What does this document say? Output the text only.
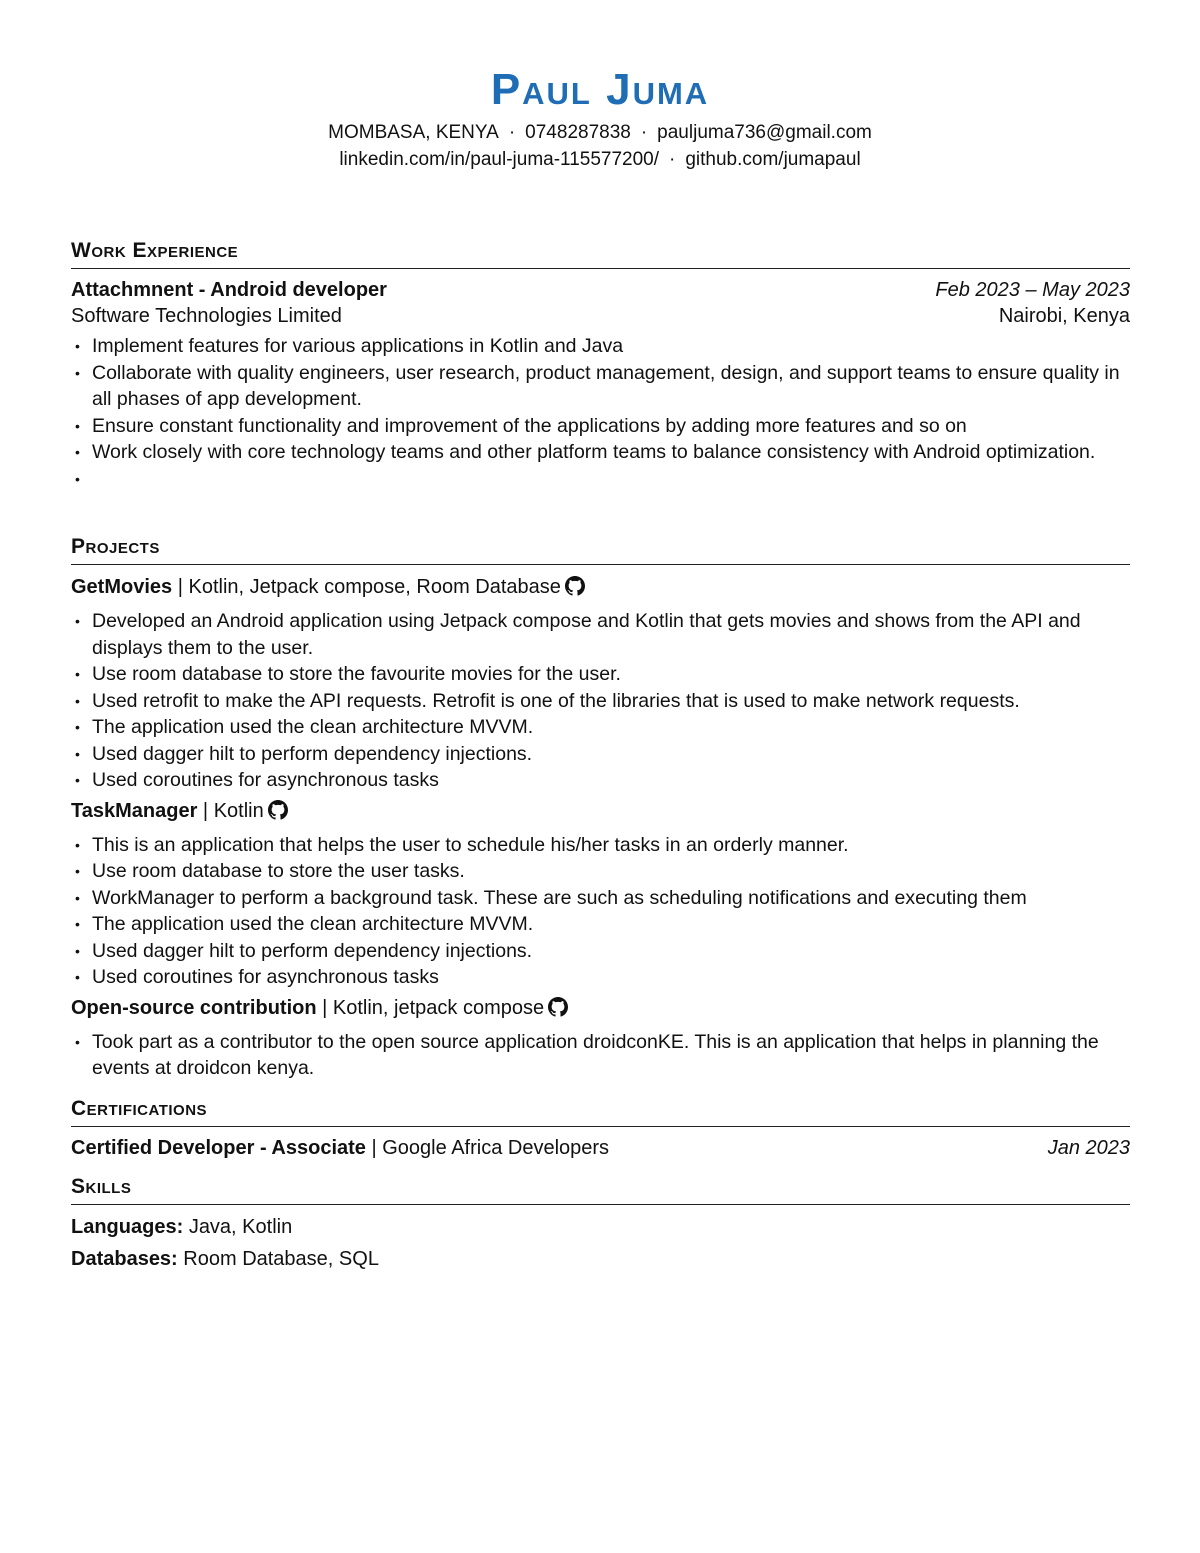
Paul Juma
MOMBASA, KENYA · 0748287838 · pauljuma736@gmail.com
linkedin.com/in/paul-juma-115577200/ · github.com/jumapaul
Work Experience
Attachmnent - Android developer	Feb 2023 – May 2023
Software Technologies Limited	Nairobi, Kenya
• Implement features for various applications in Kotlin and Java
• Collaborate with quality engineers, user research, product management, design, and support teams to ensure quality in all phases of app development.
• Ensure constant functionality and improvement of the applications by adding more features and so on
• Work closely with core technology teams and other platform teams to balance consistency with Android optimization.
Projects
GetMovies | Kotlin, Jetpack compose, Room Database
• Developed an Android application using Jetpack compose and Kotlin that gets movies and shows from the API and displays them to the user.
• Use room database to store the favourite movies for the user.
• Used retrofit to make the API requests. Retrofit is one of the libraries that is used to make network requests.
• The application used the clean architecture MVVM.
• Used dagger hilt to perform dependency injections.
• Used coroutines for asynchronous tasks
TaskManager | Kotlin
• This is an application that helps the user to schedule his/her tasks in an orderly manner.
• Use room database to store the user tasks.
• WorkManager to perform a background task. These are such as scheduling notifications and executing them
• The application used the clean architecture MVVM.
• Used dagger hilt to perform dependency injections.
• Used coroutines for asynchronous tasks
Open-source contribution | Kotlin, jetpack compose
• Took part as a contributor to the open source application droidconKE. This is an application that helps in planning the events at droidcon kenya.
Certifications
Certified Developer - Associate | Google Africa Developers	Jan 2023
Skills
Languages: Java, Kotlin
Databases: Room Database, SQL
